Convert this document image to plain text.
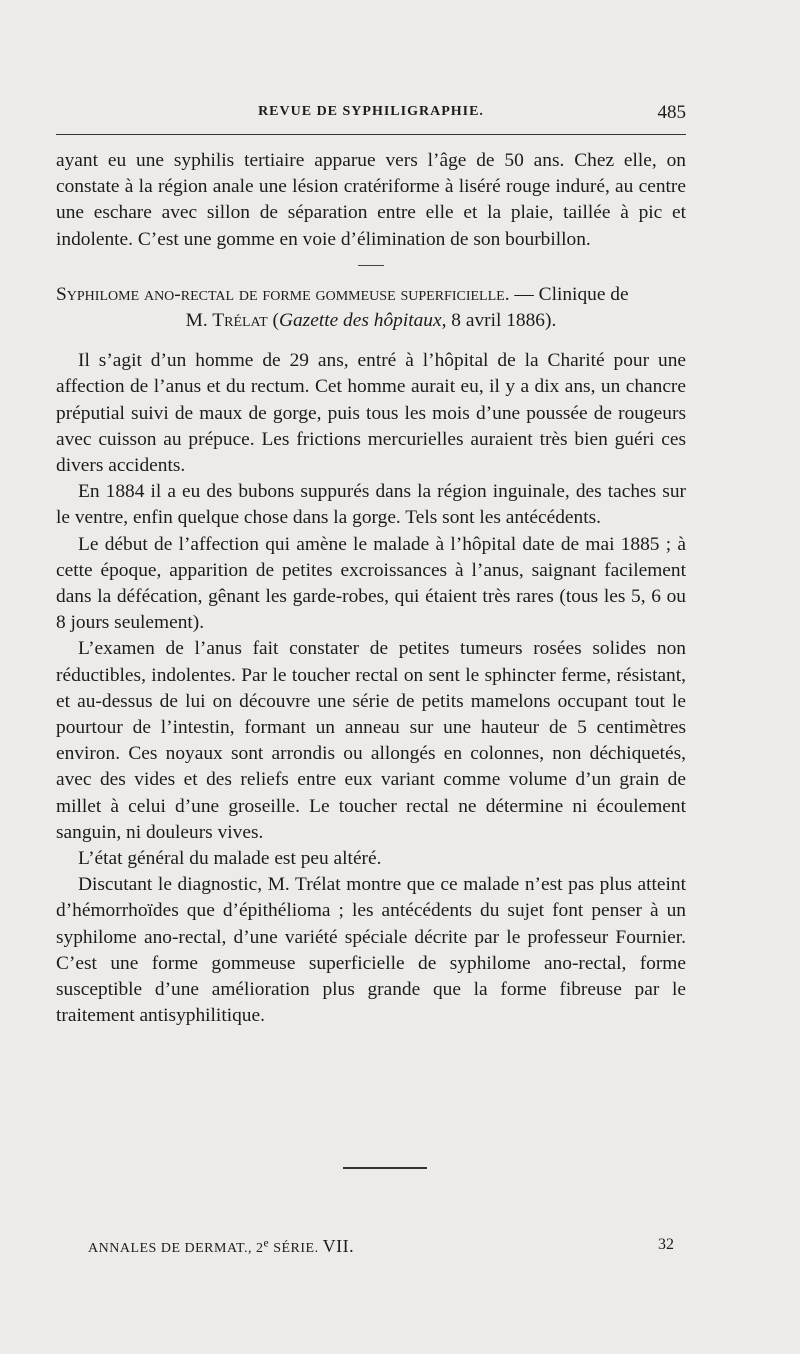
REVUE DE SYPHILIGRAPHIE.	485

ayant eu une syphilis tertiaire apparue vers l’âge de 50 ans. Chez elle, on constate à la région anale une lésion cratériforme à liséré rouge induré, au centre une eschare avec sillon de séparation entre elle et la plaie, taillée à pic et indolente. C’est une gomme en voie d’élimination de son bourbillon.

Syphilome ano-rectal de forme gommeuse superficielle. — Clinique de
M. Trélat (Gazette des hôpitaux, 8 avril 1886).

Il s’agit d’un homme de 29 ans, entré à l’hôpital de la Charité pour une affection de l’anus et du rectum. Cet homme aurait eu, il y a dix ans, un chancre préputial suivi de maux de gorge, puis tous les mois d’une poussée de rougeurs avec cuisson au prépuce. Les frictions mercurielles auraient très bien guéri ces divers accidents.

En 1884 il a eu des bubons suppurés dans la région inguinale, des taches sur le ventre, enfin quelque chose dans la gorge. Tels sont les antécédents.

Le début de l’affection qui amène le malade à l’hôpital date de mai 1885 ; à cette époque, apparition de petites excroissances à l’anus, saignant facilement dans la défécation, gênant les garde-robes, qui étaient très rares (tous les 5, 6 ou 8 jours seulement).

L’examen de l’anus fait constater de petites tumeurs rosées solides non réductibles, indolentes. Par le toucher rectal on sent le sphincter ferme, résistant, et au-dessus de lui on découvre une série de petits mamelons occupant tout le pourtour de l’intestin, formant un anneau sur une hauteur de 5 centimètres environ. Ces noyaux sont arrondis ou allongés en colonnes, non déchiquetés, avec des vides et des reliefs entre eux variant comme volume d’un grain de millet à celui d’une groseille. Le toucher rectal ne détermine ni écoulement sanguin, ni douleurs vives.

L’état général du malade est peu altéré.

Discutant le diagnostic, M. Trélat montre que ce malade n’est pas plus atteint d’hémorrhoïdes que d’épithélioma ; les antécédents du sujet font penser à un syphilome ano-rectal, d’une variété spéciale décrite par le professeur Fournier. C’est une forme gommeuse superficielle de syphilome ano-rectal, forme susceptible d’une amélioration plus grande que la forme fibreuse par le traitement antisyphilitique.

ANNALES DE DERMAT., 2e SÉRIE. VII.	32
